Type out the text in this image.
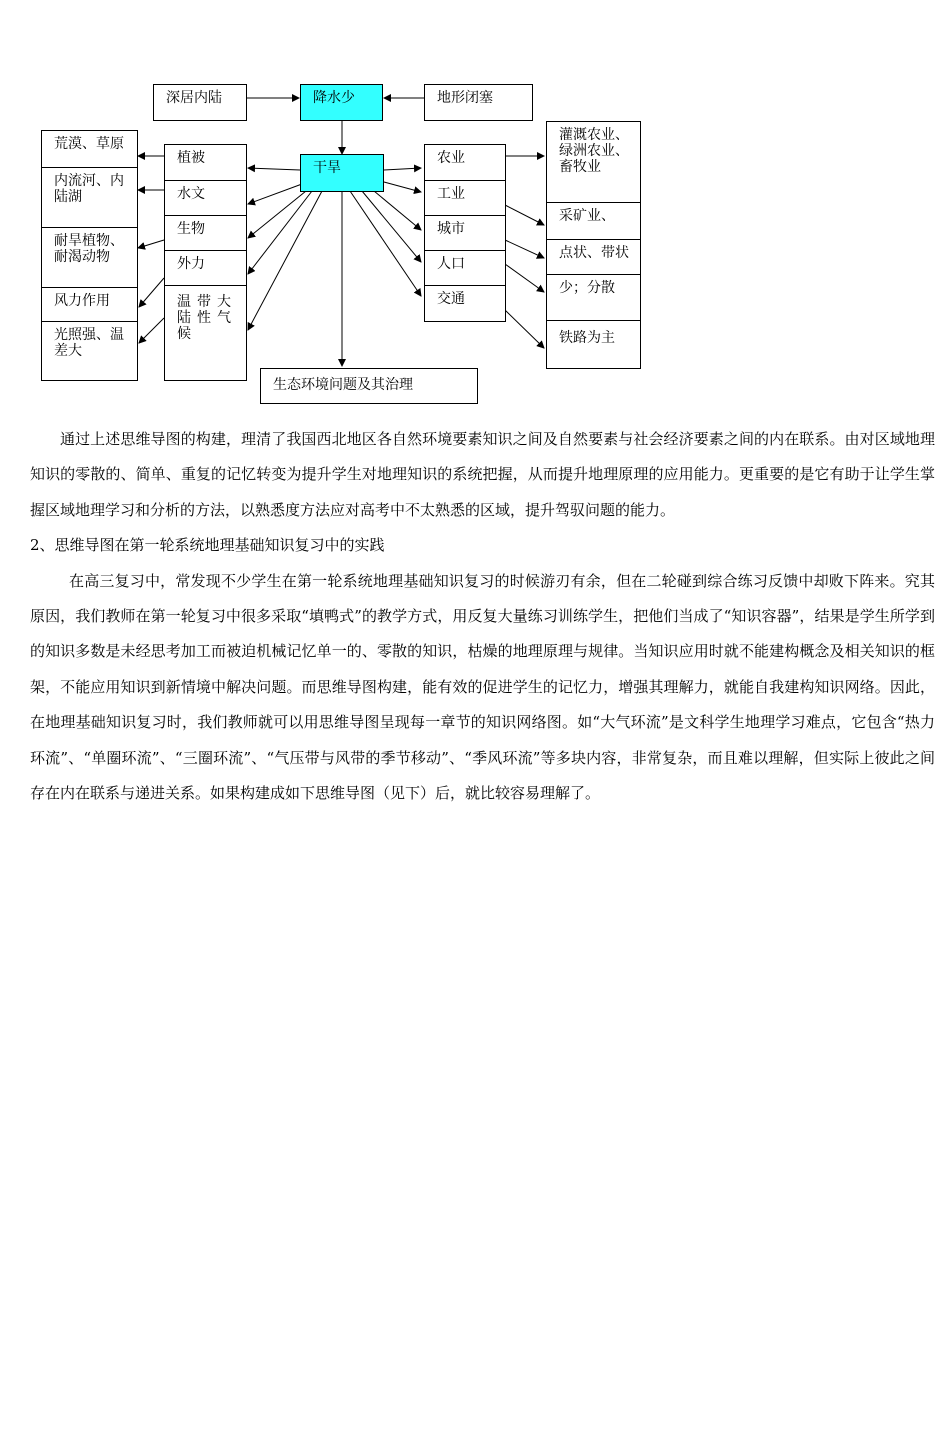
深居内陆	降水少	地形闭塞
干旱
荒漠、草原
内流河、内陆湖
耐旱植物、耐渴动物
风力作用
光照强、温差大
植被
水文
生物
外力
温带大陆性气候
农业
工业
城市
人口
交通
灌溉农业、绿洲农业、畜牧业
采矿业、
点状、带状
少；分散
铁路为主
生态环境问题及其治理

通过上述思维导图的构建，理清了我国西北地区各自然环境要素知识之间及自然要素与社会经济要素之间的内在联系。由对区域地理知识的零散的、简单、重复的记忆转变为提升学生对地理知识的系统把握，从而提升地理原理的应用能力。更重要的是它有助于让学生掌握区域地理学习和分析的方法，以熟悉度方法应对高考中不太熟悉的区域，提升驾驭问题的能力。

2、思维导图在第一轮系统地理基础知识复习中的实践

在高三复习中，常发现不少学生在第一轮系统地理基础知识复习的时候游刃有余，但在二轮碰到综合练习反馈中却败下阵来。究其原因，我们教师在第一轮复习中很多采取“填鸭式”的教学方式，用反复大量练习训练学生，把他们当成了“知识容器”，结果是学生所学到的知识多数是未经思考加工而被迫机械记忆单一的、零散的知识，枯燥的地理原理与规律。当知识应用时就不能建构概念及相关知识的框架，不能应用知识到新情境中解决问题。而思维导图构建，能有效的促进学生的记忆力，增强其理解力，就能自我建构知识网络。因此，在地理基础知识复习时，我们教师就可以用思维导图呈现每一章节的知识网络图。如“大气环流”是文科学生地理学习难点，它包含“热力环流”、“单圈环流”、“三圈环流”、“气压带与风带的季节移动”、“季风环流”等多块内容，非常复杂，而且难以理解，但实际上彼此之间存在内在联系与递进关系。如果构建成如下思维导图（见下）后，就比较容易理解了。
